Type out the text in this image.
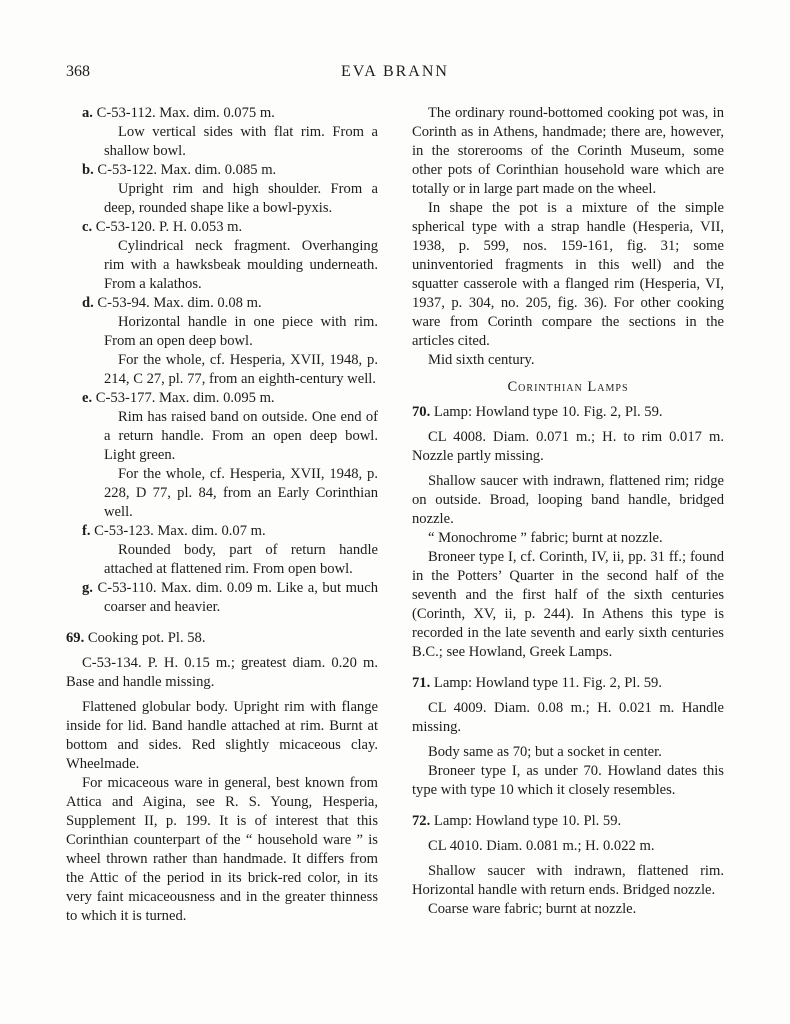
368	EVA BRANN

a. C-53-112. Max. dim. 0.075 m.

Low vertical sides with flat rim. From a shallow bowl.

b. C-53-122. Max. dim. 0.085 m.

Upright rim and high shoulder. From a deep, rounded shape like a bowl-pyxis.

c. C-53-120. P. H. 0.053 m.

Cylindrical neck fragment. Overhanging rim with a hawksbeak moulding underneath. From a kalathos.

d. C-53-94. Max. dim. 0.08 m.

Horizontal handle in one piece with rim. From an open deep bowl.

For the whole, cf. Hesperia, XVII, 1948, p. 214, C 27, pl. 77, from an eighth-century well.

e. C-53-177. Max. dim. 0.095 m.

Rim has raised band on outside. One end of a return handle. From an open deep bowl. Light green.

For the whole, cf. Hesperia, XVII, 1948, p. 228, D 77, pl. 84, from an Early Corinthian well.

f. C-53-123. Max. dim. 0.07 m.

Rounded body, part of return handle attached at flattened rim. From open bowl.

g. C-53-110. Max. dim. 0.09 m. Like a, but much coarser and heavier.

69. Cooking pot. Pl. 58.

C-53-134. P. H. 0.15 m.; greatest diam. 0.20 m. Base and handle missing.

Flattened globular body. Upright rim with flange inside for lid. Band handle attached at rim. Burnt at bottom and sides. Red slightly micaceous clay. Wheelmade.

For micaceous ware in general, best known from Attica and Aigina, see R. S. Young, Hesperia, Supplement II, p. 199. It is of interest that this Corinthian counterpart of the “ household ware ” is wheel thrown rather than handmade. It differs from the Attic of the period in its brick-red color, in its very faint micaceousness and in the greater thinness to which it is turned.

The ordinary round-bottomed cooking pot was, in Corinth as in Athens, handmade; there are, however, in the storerooms of the Corinth Museum, some other pots of Corinthian household ware which are totally or in large part made on the wheel.

In shape the pot is a mixture of the simple spherical type with a strap handle (Hesperia, VII, 1938, p. 599, nos. 159-161, fig. 31; some uninventoried fragments in this well) and the squatter casserole with a flanged rim (Hesperia, VI, 1937, p. 304, no. 205, fig. 36). For other cooking ware from Corinth compare the sections in the articles cited.

Mid sixth century.

Corinthian Lamps

70. Lamp: Howland type 10. Fig. 2, Pl. 59.

CL 4008. Diam. 0.071 m.; H. to rim 0.017 m. Nozzle partly missing.

Shallow saucer with indrawn, flattened rim; ridge on outside. Broad, looping band handle, bridged nozzle.

“ Monochrome ” fabric; burnt at nozzle.

Broneer type I, cf. Corinth, IV, ii, pp. 31 ff.; found in the Potters’ Quarter in the second half of the seventh and the first half of the sixth centuries (Corinth, XV, ii, p. 244). In Athens this type is recorded in the late seventh and early sixth centuries B.C.; see Howland, Greek Lamps.

71. Lamp: Howland type 11. Fig. 2, Pl. 59.

CL 4009. Diam. 0.08 m.; H. 0.021 m. Handle missing.

Body same as 70; but a socket in center.

Broneer type I, as under 70. Howland dates this type with type 10 which it closely resembles.

72. Lamp: Howland type 10. Pl. 59.

CL 4010. Diam. 0.081 m.; H. 0.022 m.

Shallow saucer with indrawn, flattened rim. Horizontal handle with return ends. Bridged nozzle.

Coarse ware fabric; burnt at nozzle.
